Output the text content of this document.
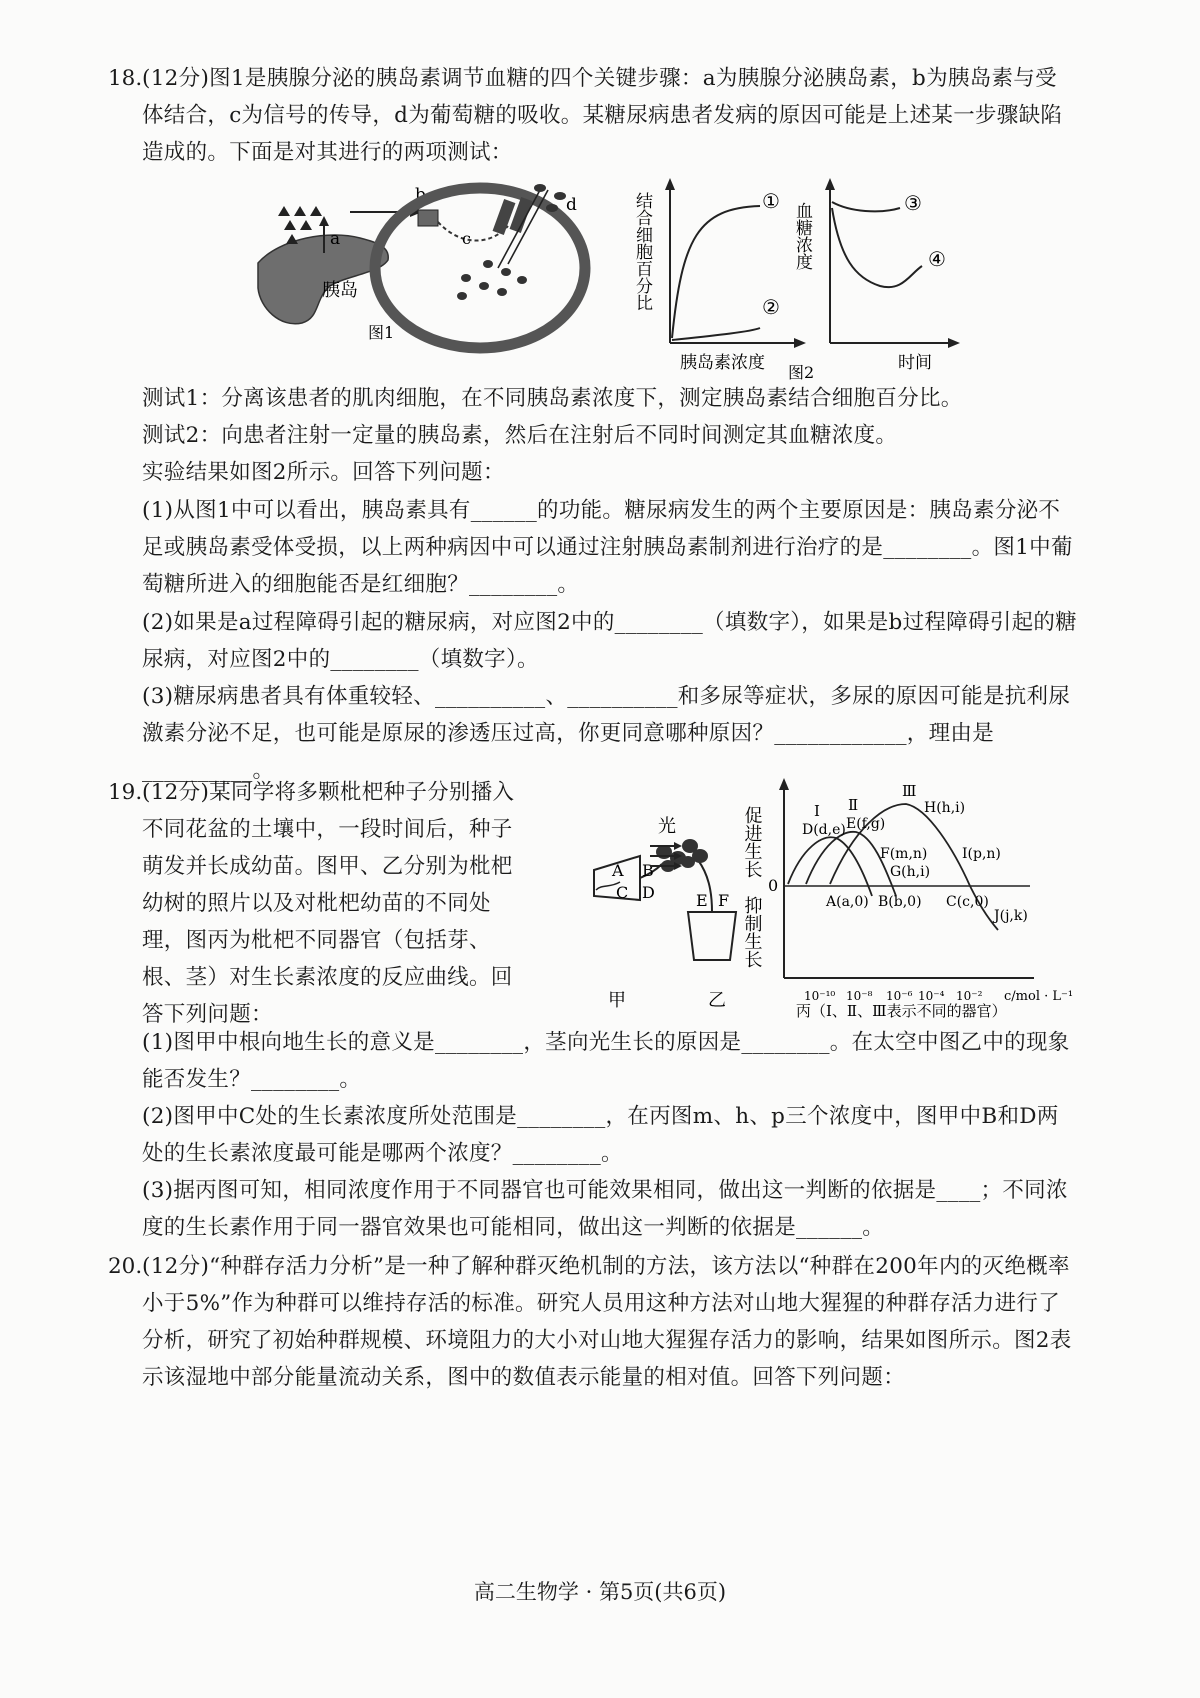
18. (12分)图1是胰腺分泌的胰岛素调节血糖的四个关键步骤：a为胰腺分泌胰岛素，b为胰岛素与受体结合，c为信号的传导，d为葡萄糖的吸收。某糖尿病患者发病的原因可能是上述某一步骤缺陷造成的。下面是对其进行的两项测试：
a
胰岛
b
c
d
图1
结合细胞百分比	①
②
胰岛素浓度
血糖浓度	③
④
时间
图2
测试1：分离该患者的肌肉细胞，在不同胰岛素浓度下，测定胰岛素结合细胞百分比。
测试2：向患者注射一定量的胰岛素，然后在注射后不同时间测定其血糖浓度。
实验结果如图2所示。回答下列问题：
(1)从图1中可以看出，胰岛素具有______的功能。糖尿病发生的两个主要原因是：胰岛素分泌不足或胰岛素受体受损，以上两种病因中可以通过注射胰岛素制剂进行治疗的是________。图1中葡萄糖所进入的细胞能否是红细胞？________。
(2)如果是a过程障碍引起的糖尿病，对应图2中的________（填数字），如果是b过程障碍引起的糖尿病，对应图2中的________（填数字）。
(3)糖尿病患者具有体重较轻、__________、__________和多尿等症状，多尿的原因可能是抗利尿激素分泌不足，也可能是原尿的渗透压过高，你更同意哪种原因？____________，理由是__________。
19. (12分)某同学将多颗枇杷种子分别播入不同花盆的土壤中，一段时间后，种子萌发并长成幼苗。图甲、乙分别为枇杷幼树的照片以及对枇杷幼苗的不同处理，图丙为枇杷不同器官（包括芽、根、茎）对生长素浓度的反应曲线。回答下列问题：
A B
C D
甲
光
E F
乙
促进生长
抑制生长
0
c/mol · L⁻¹
10⁻¹⁰ 10⁻⁸ 10⁻⁶ 10⁻⁴ 10⁻²
Ⅰ Ⅱ
Ⅲ
D(d,e) E(f,g)
H(h,i)
F(m,n)
G(h,i)
I(p,n)
A(a,0) B(b,0) C(c,0)
J(j,k)
丙（Ⅰ、Ⅱ、Ⅲ表示不同的器官）
(1)图甲中根向地生长的意义是________，茎向光生长的原因是________。在太空中图乙中的现象能否发生？________。
(2)图甲中C处的生长素浓度所处范围是________，在丙图m、h、p三个浓度中，图甲中B和D两处的生长素浓度最可能是哪两个浓度？________。
(3)据丙图可知，相同浓度作用于不同器官也可能效果相同，做出这一判断的依据是____；不同浓度的生长素作用于同一器官效果也可能相同，做出这一判断的依据是______。
20. (12分)“种群存活力分析”是一种了解种群灭绝机制的方法，该方法以“种群在200年内的灭绝概率小于5%”作为种群可以维持存活的标准。研究人员用这种方法对山地大猩猩的种群存活力进行了分析，研究了初始种群规模、环境阻力的大小对山地大猩猩存活力的影响，结果如图所示。图2表示该湿地中部分能量流动关系，图中的数值表示能量的相对值。回答下列问题：
高二生物学 · 第5页(共6页)
